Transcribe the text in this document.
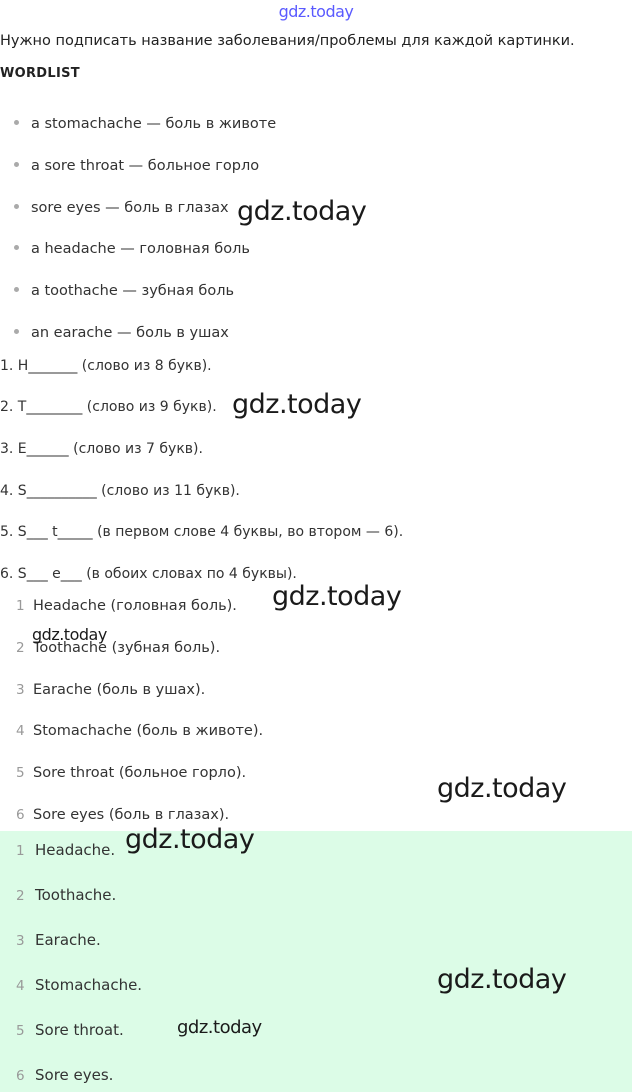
gdz.today
Нужно подписать название заболевания/проблемы для каждой картинки.
WORDLIST
a stomachache — боль в животе
a sore throat — больное горло
sore eyes — боль в глазах
a headache — головная боль
a toothache — зубная боль
an earache — боль в ушах
1. H_______ (слово из 8 букв).
2. T________ (слово из 9 букв).
3. E______ (слово из 7 букв).
4. S__________ (слово из 11 букв).
5. S___ t_____ (в первом слове 4 буквы, во втором — 6).
6. S___ e___ (в обоих словах по 4 буквы).
1 Headache (головная боль).
2 Toothache (зубная боль).
3 Earache (боль в ушах).
4 Stomachache (боль в животе).
5 Sore throat (больное горло).
6 Sore eyes (боль в глазах).
1 Headache.
2 Toothache.
3 Earache.
4 Stomachache.
5 Sore throat.
6 Sore eyes.
gdz.today
gdz.today
gdz.today
gdz.today
gdz.today
gdz.today
gdz.today
gdz.today
